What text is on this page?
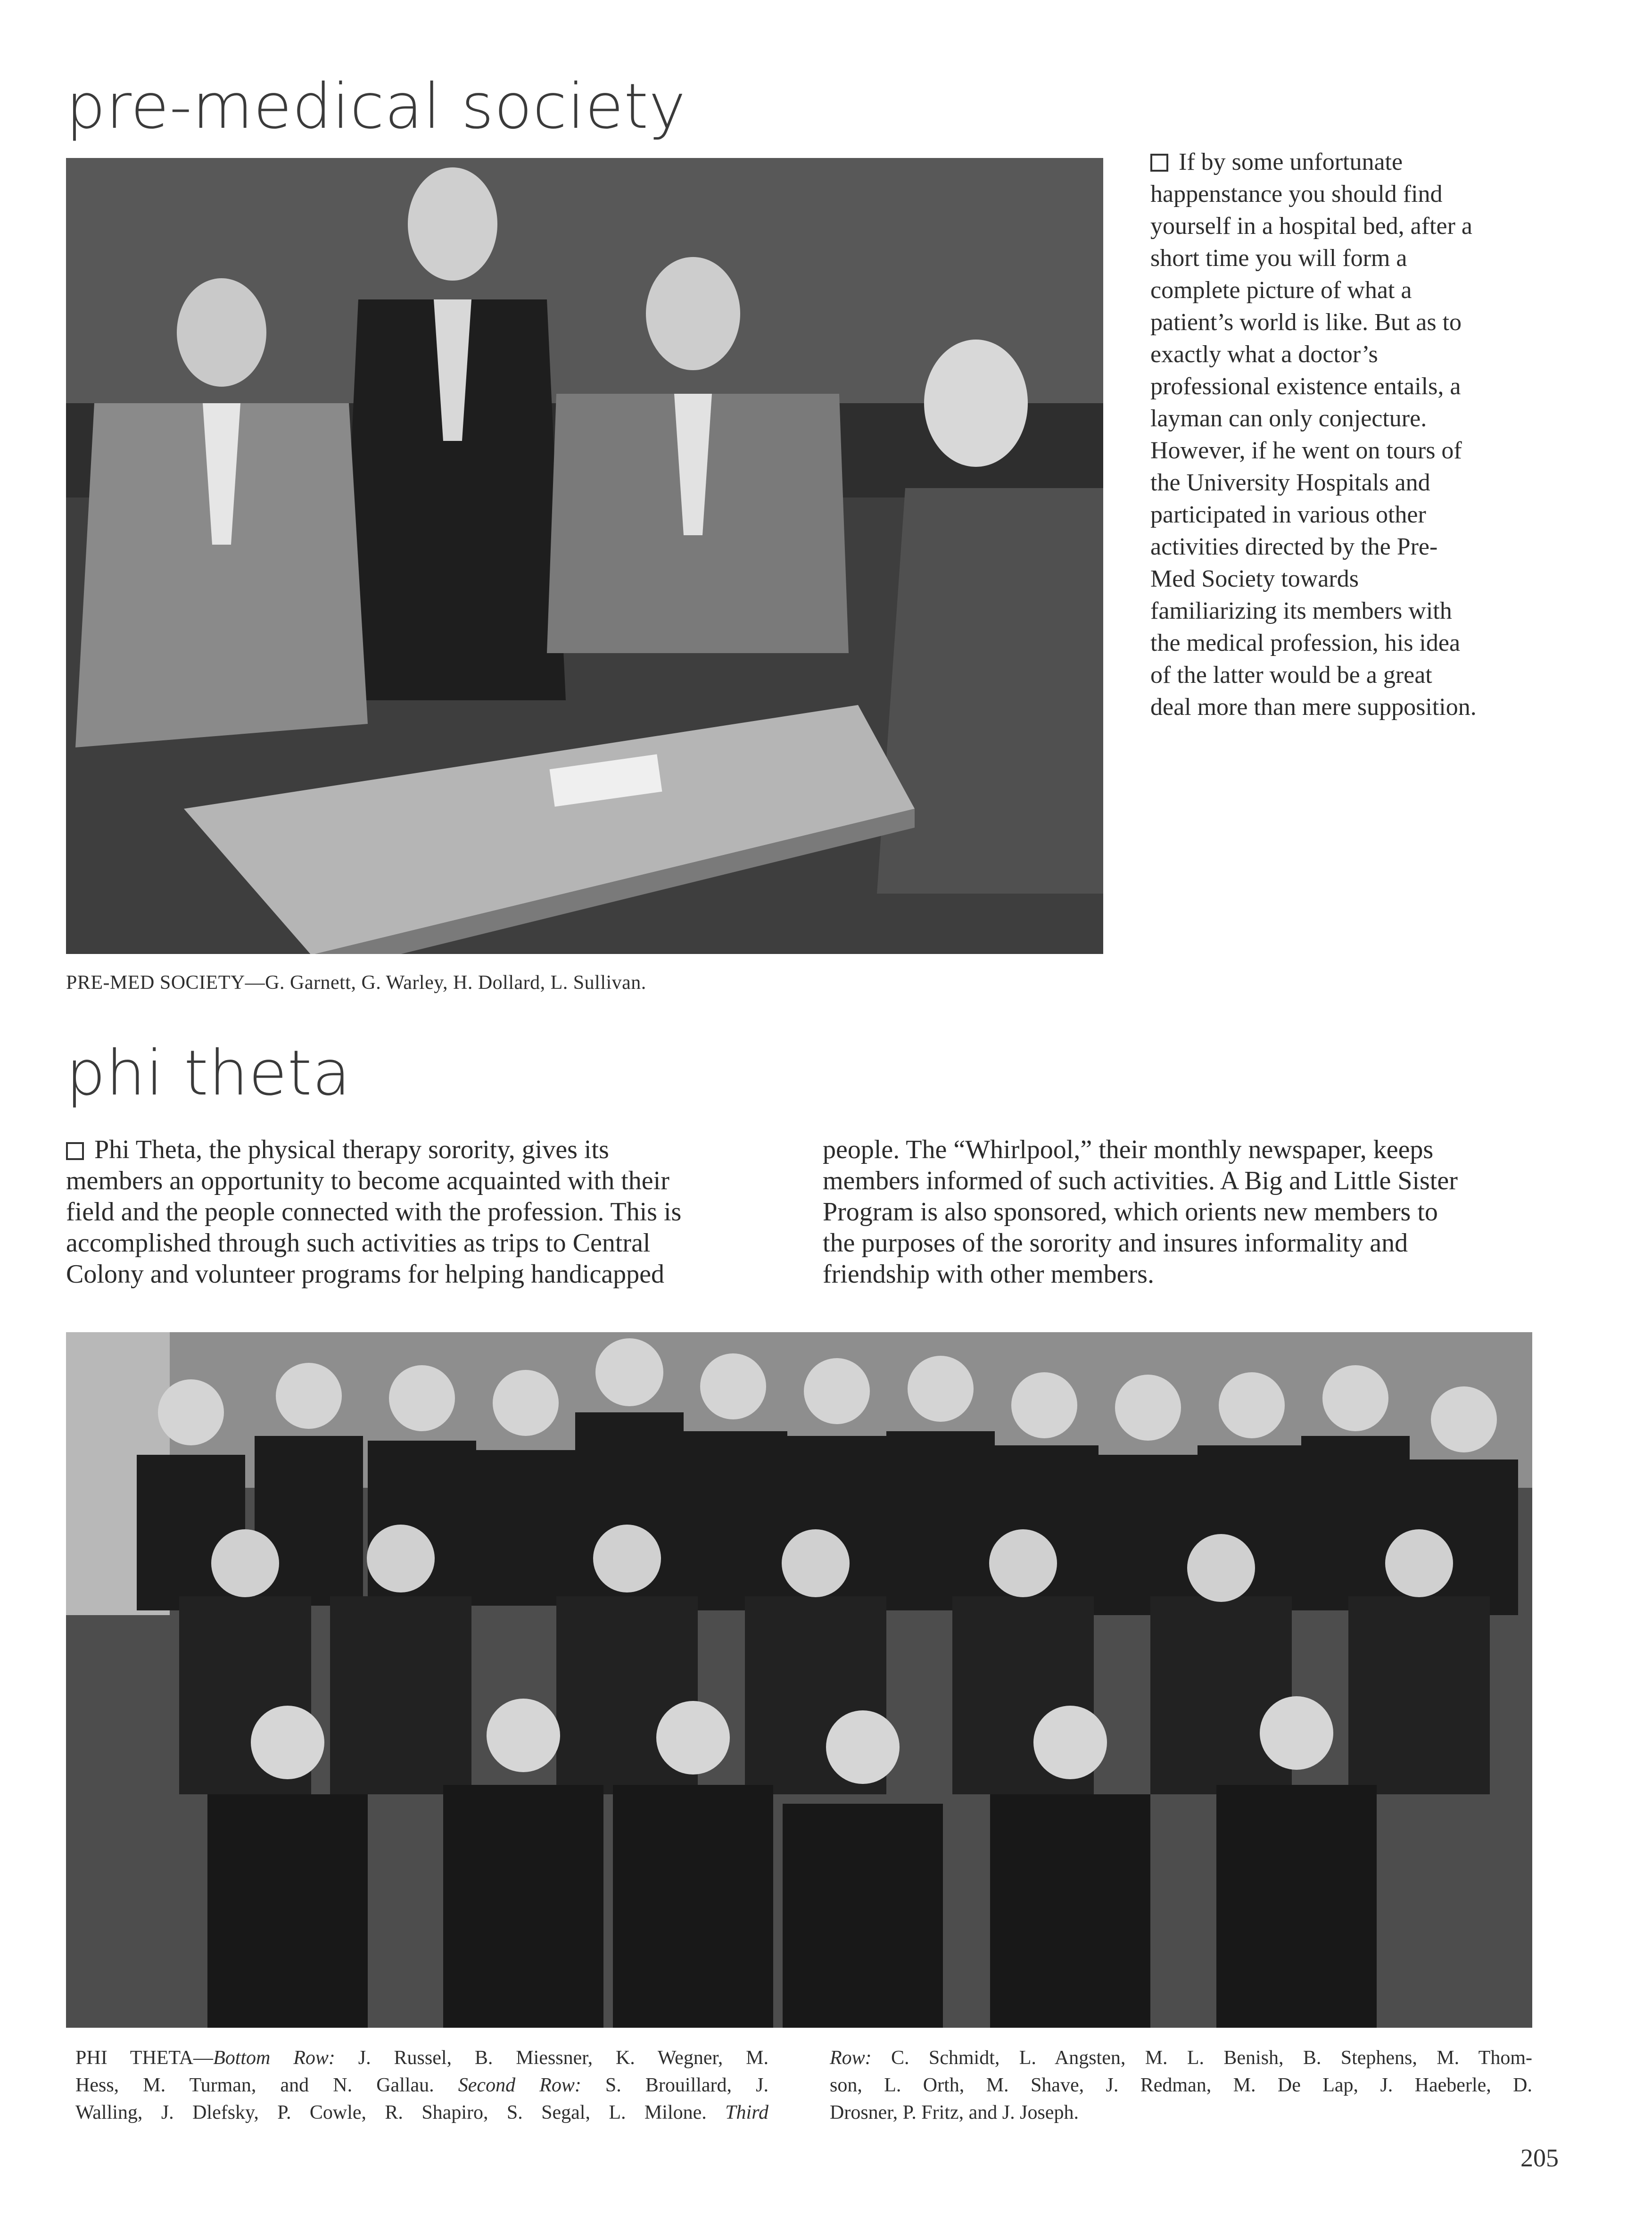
pre-medical society

If by some unfortunate
happenstance you should find
yourself in a hospital bed, after a
short time you will form a
complete picture of what a
patient’s world is like. But as to
exactly what a doctor’s
professional existence entails, a
layman can only conjecture.
However, if he went on tours of
the University Hospitals and
participated in various other
activities directed by the Pre-
Med Society towards
familiarizing its members with
the medical profession, his idea
of the latter would be a great
deal more than mere supposition.

PRE-MED SOCIETY—G. Garnett, G. Warley, H. Dollard, L. Sullivan.

phi theta

Phi Theta, the physical therapy sorority, gives its
members an opportunity to become acquainted with their
field and the people connected with the profession. This is
accomplished through such activities as trips to Central
Colony and volunteer programs for helping handicapped

people. The “Whirlpool,” their monthly newspaper, keeps
members informed of such activities. A Big and Little Sister
Program is also sponsored, which orients new members to
the purposes of the sorority and insures informality and
friendship with other members.

PHI THETA—Bottom Row: J. Russel, B. Miessner, K. Wegner, M.
Hess, M. Turman, and N. Gallau. Second Row: S. Brouillard, J.
Walling, J. Dlefsky, P. Cowle, R. Shapiro, S. Segal, L. Milone. Third

Row: C. Schmidt, L. Angsten, M. L. Benish, B. Stephens, M. Thom-
son, L. Orth, M. Shave, J. Redman, M. De Lap, J. Haeberle, D.
Drosner, P. Fritz, and J. Joseph.

205
